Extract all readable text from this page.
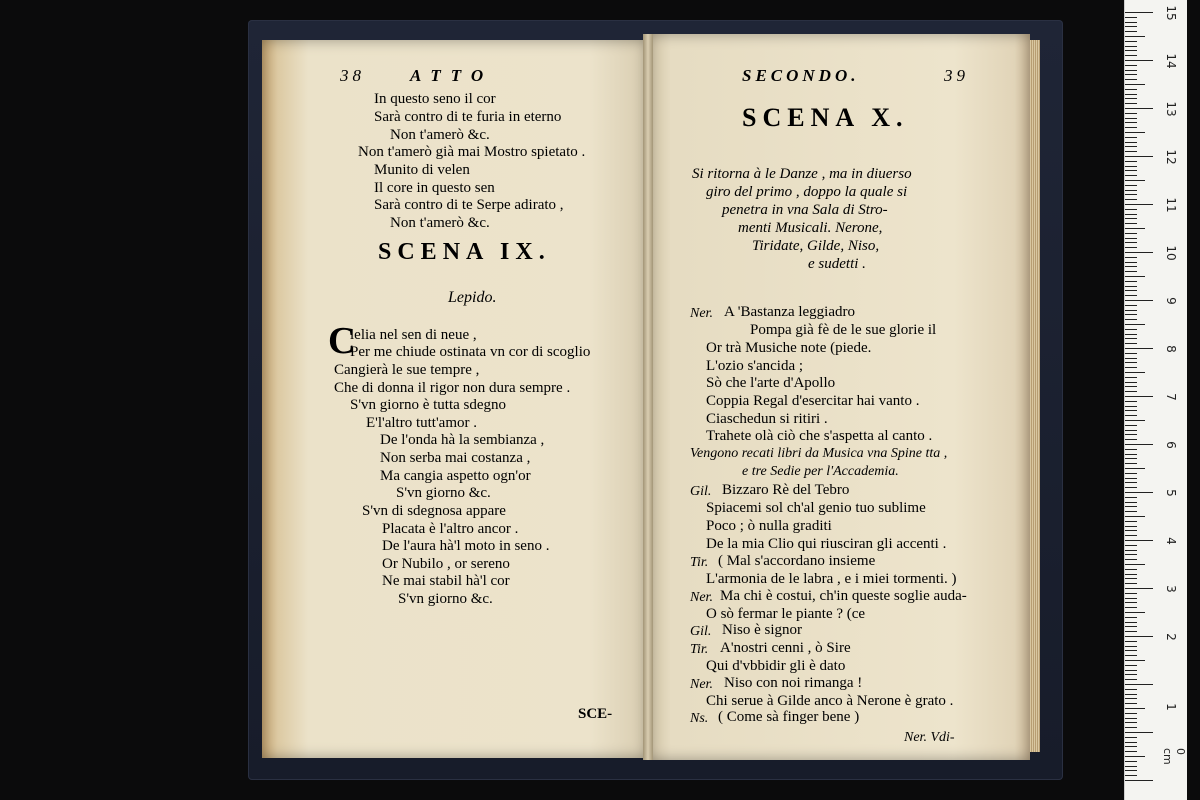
38	ATTO
In questo seno il cor
Sarà contro di te furia in eterno
Non t'amerò &c.
Non t'amerò già mai Mostro spietato .
Munito di velen
Il core in questo sen
Sarà contro di te Serpe adirato ,
Non t'amerò &c.
SCENA IX.
Lepido.
C
lelia nel sen di neue ,
Per me chiude ostinata vn cor di scoglio
Cangierà le sue tempre ,
Che di donna il rigor non dura sempre .
S'vn giorno è tutta sdegno
E'l'altro tutt'amor .
De l'onda hà la sembianza ,
Non serba mai costanza ,
Ma cangia aspetto ogn'or
S'vn giorno &c.
S'vn di sdegnosa appare
Placata è l'altro ancor .
De l'aura hà'l moto in seno .
Or Nubilo , or sereno
Ne mai stabil hà'l cor
S'vn giorno &c.
SCE-
SECONDO.	39
SCENA X.
Si ritorna à le Danze , ma in diuerso
giro del primo , doppo la quale si
penetra in vna Sala di Stro-
menti Musicali. Nerone,
Tiridate, Gilde, Niso,
e sudetti .
Ner. A 'Bastanza leggiadro
Pompa già fè de le sue glorie il
Or trà Musiche note (piede.
L'ozio s'ancida ;
Sò che l'arte d'Apollo
Coppia Regal d'esercitar hai vanto .
Ciaschedun si ritiri .
Trahete olà ciò che s'aspetta al canto .
Vengono recati libri da Musica vna Spine tta ,
e tre Sedie per l'Accademia.
Gil. Bizzaro Rè del Tebro
Spiacemi sol ch'al genio tuo sublime
Poco ; ò nulla graditi
De la mia Clio qui riusciran gli accenti .
Tir. ( Mal s'accordano insieme
L'armonia de le labra , e i miei tormenti. )
Ner. Ma chi è costui, ch'in queste soglie auda-
O sò fermar le piante ? (ce
Gil. Niso è signor
Tir. A'nostri cenni , ò Sire
Qui d'vbbidir gli è dato
Ner. Niso con noi rimanga !
Chi serue à Gilde anco à Nerone è grato .
Ns. ( Come sà finger bene )
Ner. Vdi-
15
14
13
12
11
10
9
8
7
6
5
4
3
2
1
0 cm
